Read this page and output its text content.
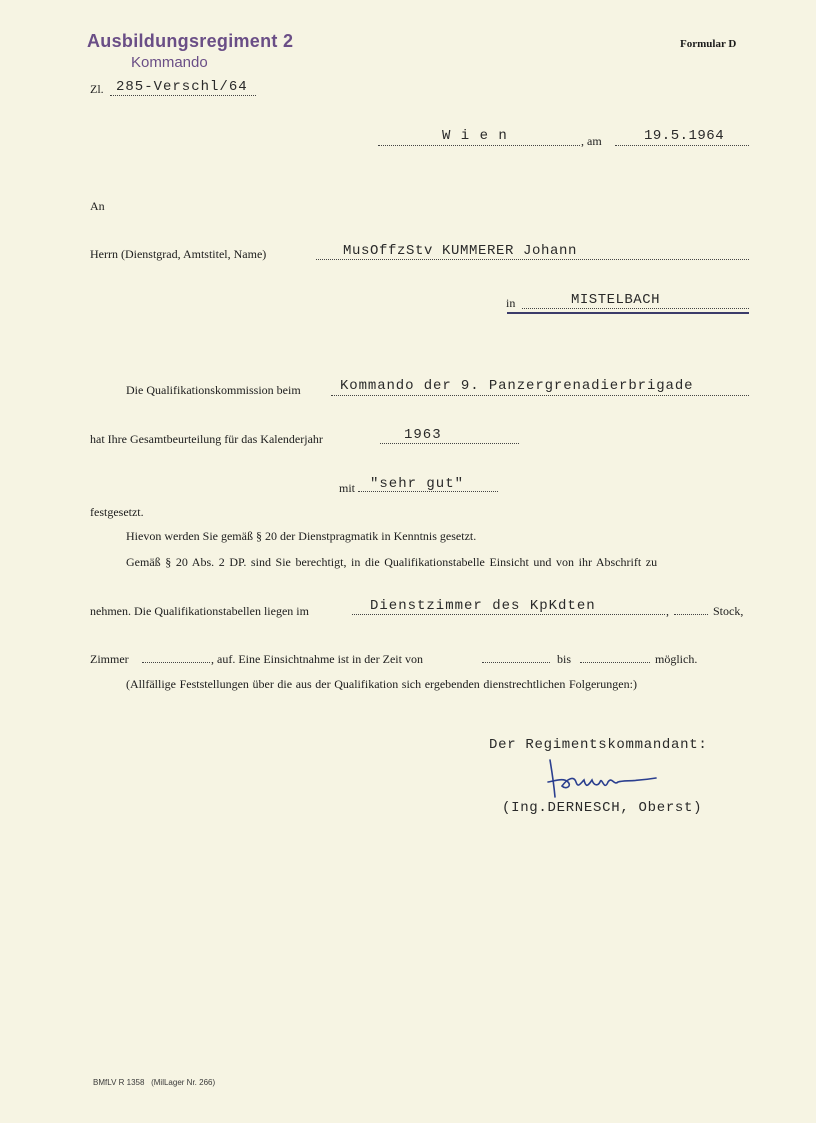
Ausbildungsregiment 2
Kommando
Formular D
Zl. 285-Verschl/64
W i e n	, am	19.5.1964
An
Herrn (Dienstgrad, Amtstitel, Name)	MusOffzStv KUMMERER Johann
in	MISTELBACH
Die Qualifikationskommission beim	Kommando der 9. Panzergrenadierbrigade
hat Ihre Gesamtbeurteilung für das Kalenderjahr	1963
mit "sehr gut"
festgesetzt.
Hievon werden Sie gemäß § 20 der Dienstpragmatik in Kenntnis gesetzt.
Gemäß § 20 Abs. 2 DP. sind Sie berechtigt, in die Qualifikationstabelle Einsicht und von ihr Abschrift zu
nehmen. Die Qualifikationstabellen liegen im	Dienstzimmer des KpKdten	,	Stock,
Zimmer	, auf. Eine Einsichtnahme ist in der Zeit von	bis	möglich.
(Allfällige Feststellungen über die aus der Qualifikation sich ergebenden dienstrechtlichen Folgerungen:)
Der Regimentskommandant:
(Ing.DERNESCH, Oberst)
BMfLV R 1358   (MilLager Nr. 266)
